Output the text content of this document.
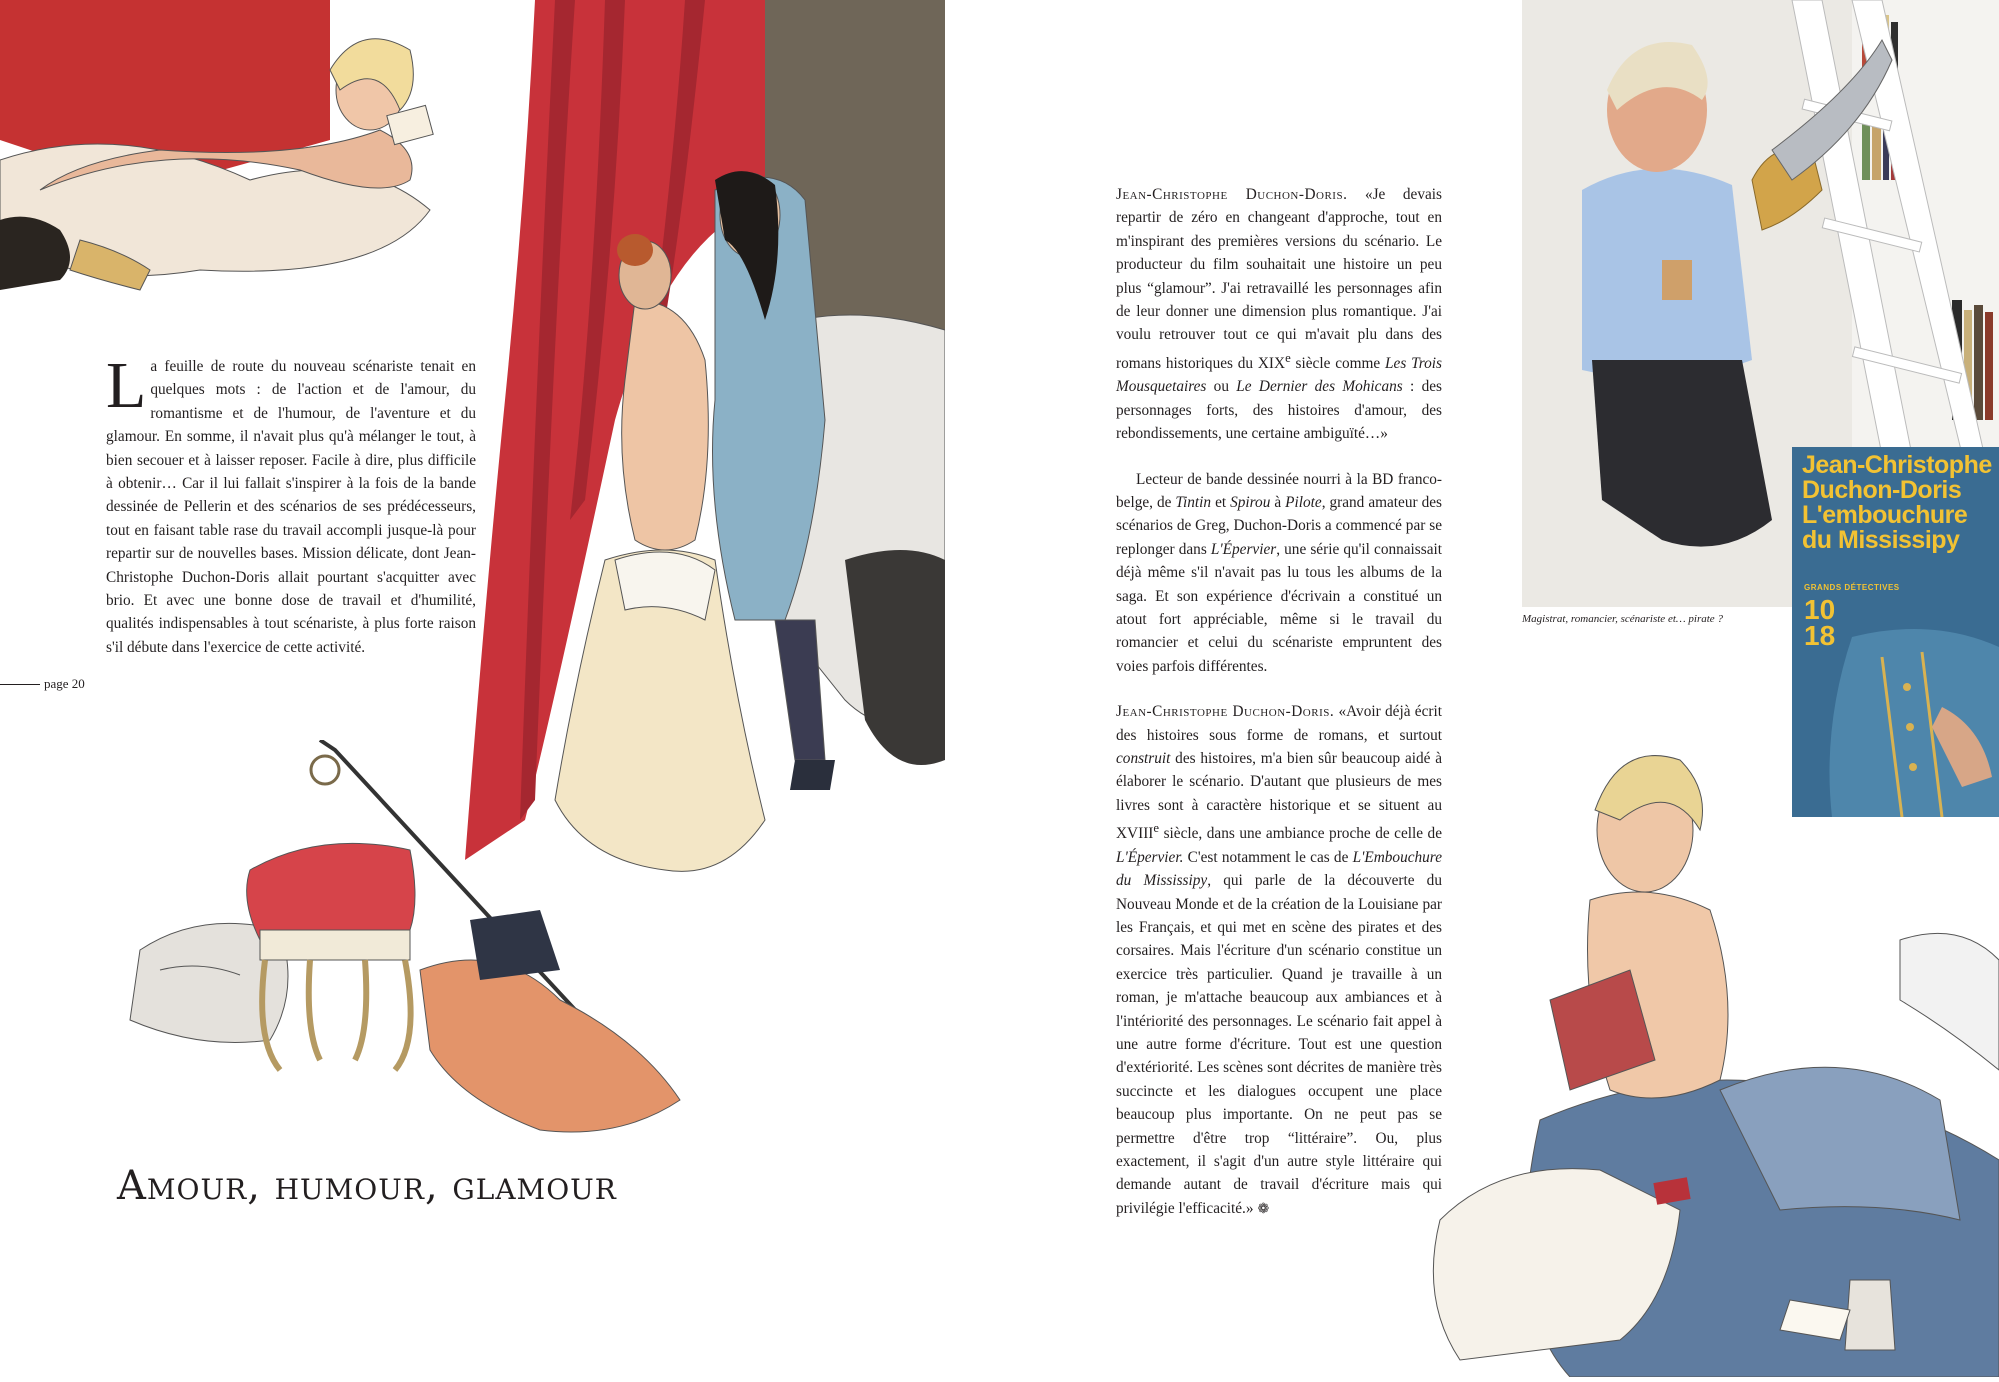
La feuille de route du nouveau scénariste tenait en quelques mots : de l'action et de l'amour, du romantisme et de l'humour, de l'aventure et du glamour. En somme, il n'avait plus qu'à mélanger le tout, à bien secouer et à laisser reposer. Facile à dire, plus difficile à obtenir… Car il lui fallait s'inspirer à la fois de la bande dessinée de Pellerin et des scénarios de ses prédécesseurs, tout en faisant table rase du travail accompli jusque-là pour repartir sur de nouvelles bases. Mission délicate, dont Jean-Christophe Duchon-Doris allait pourtant s'acquitter avec brio. Et avec une bonne dose de travail et d'humilité, qualités indispensables à tout scénariste, à plus forte raison s'il débute dans l'exercice de cette activité.

page 20
Amour, humour, glamour

Jean-Christophe Duchon-Doris. «Je devais repartir de zéro en changeant d'approche, tout en m'inspirant des premières versions du scénario. Le producteur du film souhaitait une histoire un peu plus “glamour”. J'ai retravaillé les personnages afin de leur donner une dimension plus romantique. J'ai voulu retrouver tout ce qui m'avait plu dans des romans historiques du XIXe siècle comme Les Trois Mousquetaires ou Le Dernier des Mohicans : des personnages forts, des histoires d'amour, des rebondissements, une certaine ambiguïté…»

Lecteur de bande dessinée nourri à la BD franco-belge, de Tintin et Spirou à Pilote, grand amateur des scénarios de Greg, Duchon-Doris a commencé par se replonger dans L'Épervier, une série qu'il connaissait déjà même s'il n'avait pas lu tous les albums de la saga. Et son expérience d'écrivain a constitué un atout fort appréciable, même si le travail du romancier et celui du scénariste empruntent des voies parfois différentes.

Jean-Christophe Duchon-Doris. «Avoir déjà écrit des histoires sous forme de romans, et surtout construit des histoires, m'a bien sûr beaucoup aidé à élaborer le scénario. D'autant que plusieurs de mes livres sont à caractère historique et se situent au XVIIIe siècle, dans une ambiance proche de celle de L'Épervier. C'est notamment le cas de L'Embouchure du Mississipy, qui parle de la découverte du Nouveau Monde et de la création de la Louisiane par les Français, et qui met en scène des pirates et des corsaires. Mais l'écriture d'un scénario constitue un exercice très particulier. Quand je travaille à un roman, je m'attache beaucoup aux ambiances et à l'intériorité des personnages. Le scénario fait appel à une autre forme d'écriture. Tout est une question d'extériorité. Les scènes sont décrites de manière très succincte et les dialogues occupent une place beaucoup plus importante. On ne peut pas se permettre d'être trop “littéraire”. Ou, plus exactement, il s'agit d'un autre style littéraire qui demande autant de travail d'écriture mais qui privilégie l'efficacité.» ❁

Magistrat, romancier, scénariste et… pirate ?

Jean-Christophe
Duchon-Doris
L'embouchure
du Mississipy
GRANDS DÉTECTIVES
10
18
